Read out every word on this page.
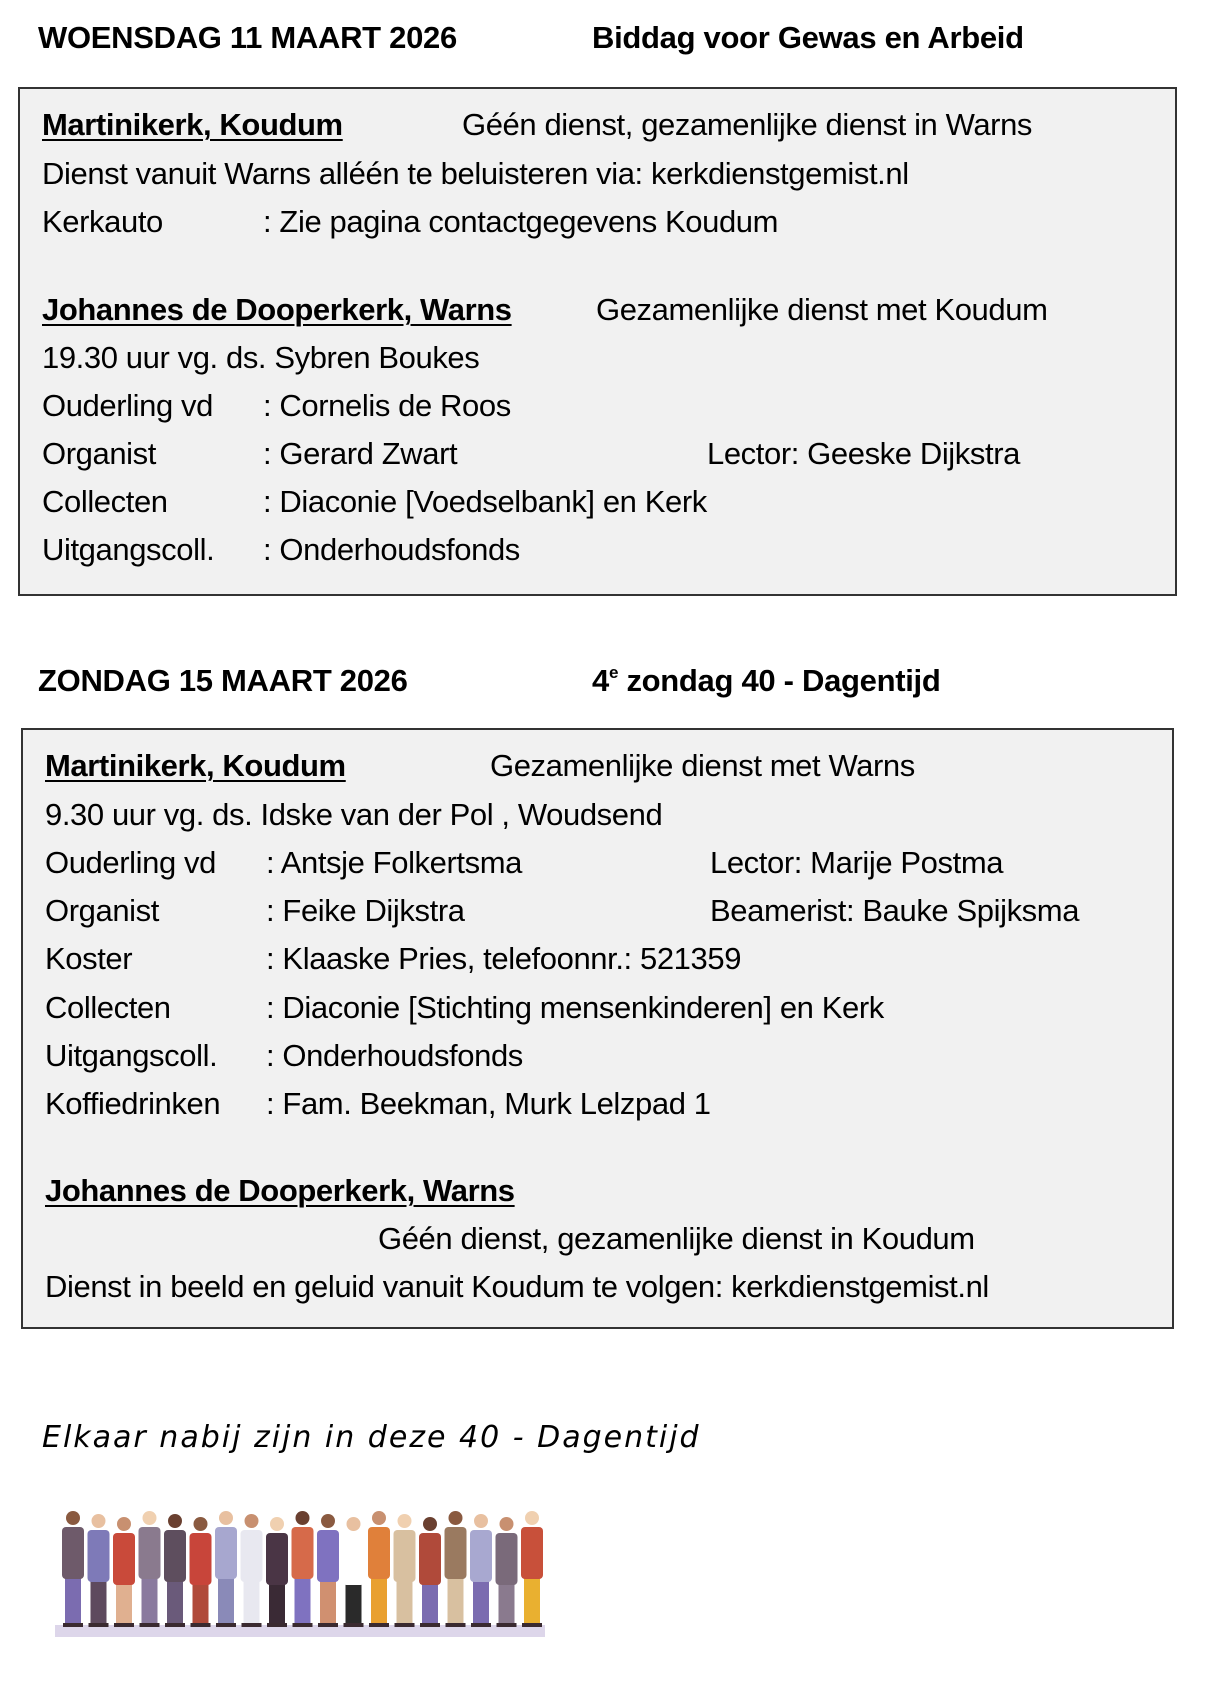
WOENSDAG 11 MAART 2026	Biddag voor Gewas en Arbeid
Martinikerk, Koudum	Géén dienst, gezamenlijke dienst in Warns
Dienst vanuit Warns alléén te beluisteren via: kerkdienstgemist.nl
Kerkauto	: Zie pagina contactgegevens Koudum
Johannes de Dooperkerk, Warns	Gezamenlijke dienst met Koudum
19.30 uur vg. ds. Sybren Boukes
Ouderling vd : Cornelis de Roos
Organist	: Gerard Zwart	Lector: Geeske Dijkstra
Collecten	: Diaconie [Voedselbank] en Kerk
Uitgangscoll. : Onderhoudsfonds
ZONDAG 15 MAART 2026	4e zondag 40 - Dagentijd
Martinikerk, Koudum	Gezamenlijke dienst met Warns
9.30 uur vg. ds. Idske van der Pol , Woudsend
Ouderling vd : Antsje Folkertsma	Lector: Marije Postma
Organist	: Feike Dijkstra	Beamerist: Bauke Spijksma
Koster	: Klaaske Pries, telefoonnr.: 521359
Collecten	: Diaconie [Stichting mensenkinderen] en Kerk
Uitgangscoll. : Onderhoudsfonds
Koffiedrinken : Fam. Beekman, Murk Lelzpad 1
Johannes de Dooperkerk, Warns
Géén dienst, gezamenlijke dienst in Koudum
Dienst in beeld en geluid vanuit Koudum te volgen: kerkdienstgemist.nl
Elkaar nabij zijn in deze 40 - Dagentijd
